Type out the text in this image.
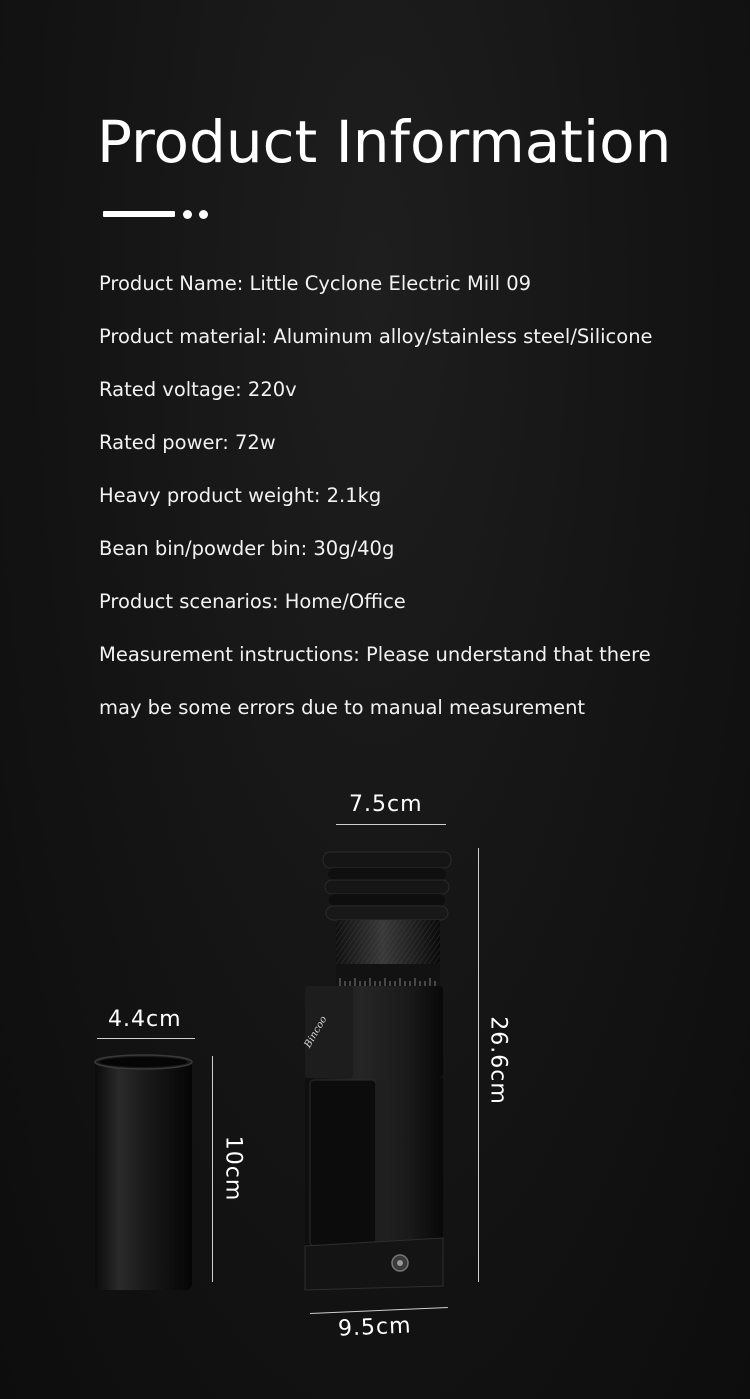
Product Information
Product Name: Little Cyclone Electric Mill 09
Product material: Aluminum alloy/stainless steel/Silicone
Rated voltage: 220v
Rated power: 72w
Heavy product weight: 2.1kg
Bean bin/powder bin: 30g/40g
Product scenarios: Home/Office
Measurement instructions: Please understand that there
may be some errors due to manual measurement
Bincoo
7.5cm
26.6cm
4.4cm
10cm
9.5cm
